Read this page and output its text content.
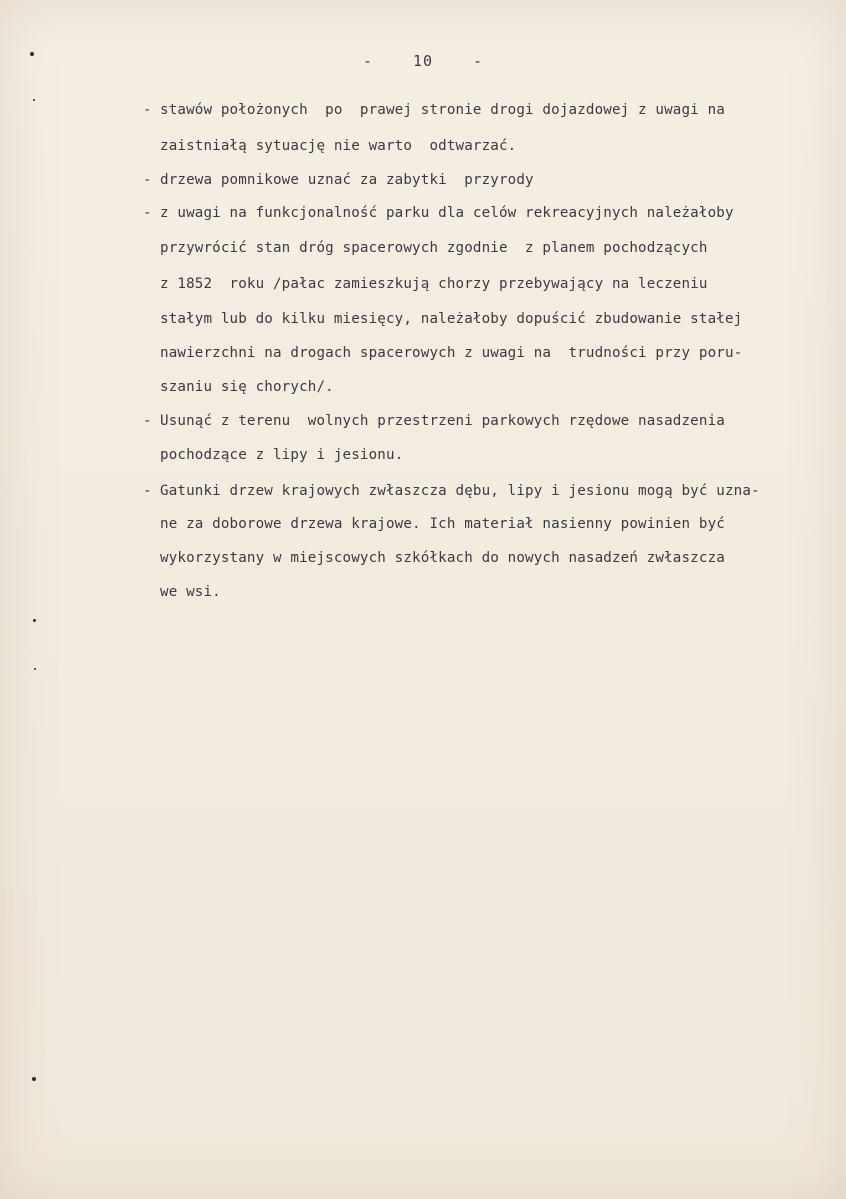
-	10	-
- stawów położonych  po  prawej stronie drogi dojazdowej z uwagi na
zaistniałą sytuację nie warto  odtwarzać.
- drzewa pomnikowe uznać za zabytki  przyrody
- z uwagi na funkcjonalność parku dla celów rekreacyjnych należałoby
przywrócić stan dróg spacerowych zgodnie  z planem pochodzących
z 1852  roku /pałac zamieszkują chorzy przebywający na leczeniu
stałym lub do kilku miesięcy, należałoby dopuścić zbudowanie stałej
nawierzchni na drogach spacerowych z uwagi na  trudności przy poru-
szaniu się chorych/.
- Usunąć z terenu  wolnych przestrzeni parkowych rzędowe nasadzenia
pochodzące z lipy i jesionu.
- Gatunki drzew krajowych zwłaszcza dębu, lipy i jesionu mogą być uzna-
ne za doborowe drzewa krajowe. Ich materiał nasienny powinien być
wykorzystany w miejscowych szkółkach do nowych nasadzeń zwłaszcza
we wsi.
